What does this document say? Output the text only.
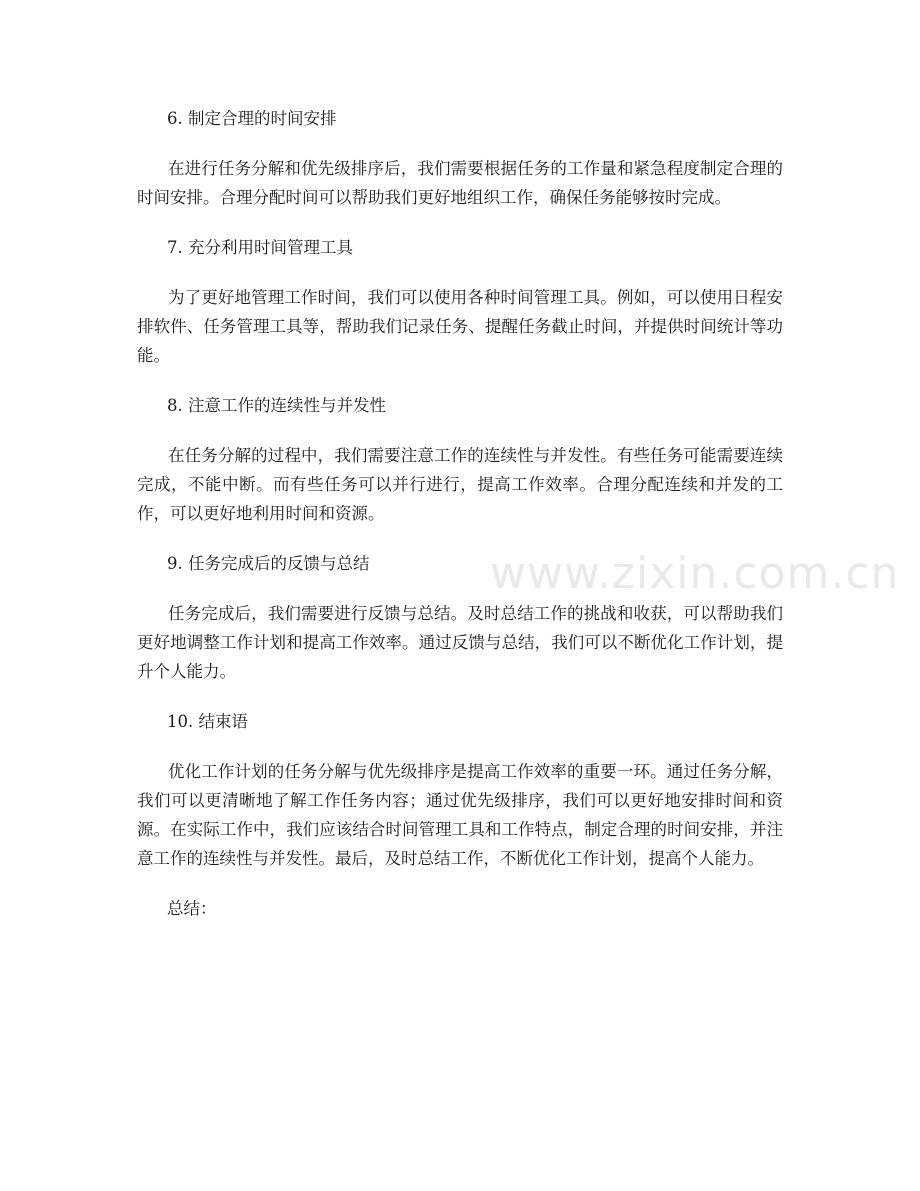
www.zixin.com.cn

6. 制定合理的时间安排

在进行任务分解和优先级排序后，我们需要根据任务的工作量和紧急程度制定合理的时间安排。合理分配时间可以帮助我们更好地组织工作，确保任务能够按时完成。

7. 充分利用时间管理工具

为了更好地管理工作时间，我们可以使用各种时间管理工具。例如，可以使用日程安排软件、任务管理工具等，帮助我们记录任务、提醒任务截止时间，并提供时间统计等功能。

8. 注意工作的连续性与并发性

在任务分解的过程中，我们需要注意工作的连续性与并发性。有些任务可能需要连续完成，不能中断。而有些任务可以并行进行，提高工作效率。合理分配连续和并发的工作，可以更好地利用时间和资源。

9. 任务完成后的反馈与总结

任务完成后，我们需要进行反馈与总结。及时总结工作的挑战和收获，可以帮助我们更好地调整工作计划和提高工作效率。通过反馈与总结，我们可以不断优化工作计划，提升个人能力。

10. 结束语

优化工作计划的任务分解与优先级排序是提高工作效率的重要一环。通过任务分解，我们可以更清晰地了解工作任务内容；通过优先级排序，我们可以更好地安排时间和资源。在实际工作中，我们应该结合时间管理工具和工作特点，制定合理的时间安排，并注意工作的连续性与并发性。最后，及时总结工作，不断优化工作计划，提高个人能力。

总结：
